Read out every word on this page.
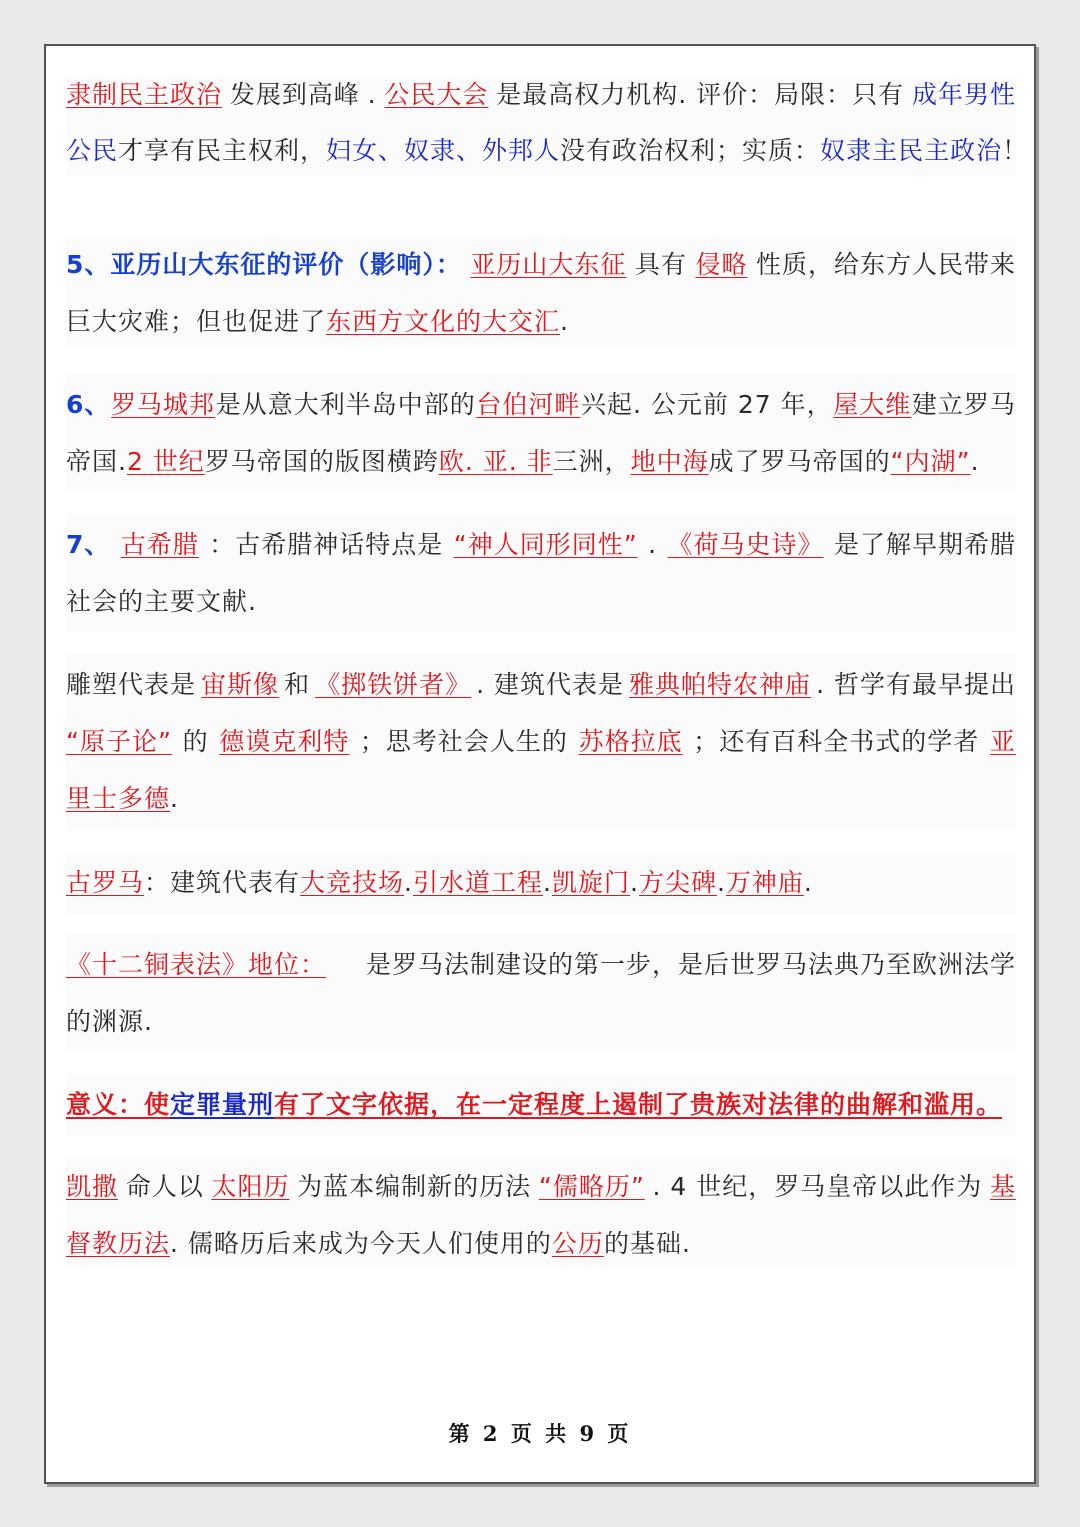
隶制民主政治 发展到高峰 . 公民大会 是最高权力机构. 评价：局限：只有 成年男性
公民才享有民主权利，妇女、奴隶、外邦人没有政治权利；实质：奴隶主民主政治！
5、亚历山大东征的评价（影响）： 亚历山大东征 具有 侵略 性质，给东方人民带来
巨大灾难；但也促进了东西方文化的大交汇.
6、 罗马城邦 是从意大利半岛中部的 台伯河畔 兴起. 公元前 27 年， 屋大维 建立罗马
帝国.2 世纪罗马帝国的版图横跨欧. 亚. 非三洲，地中海成了罗马帝国的“内湖”.
7、 古希腊 ：古希腊神话特点是 “神人同形同性” . 《荷马史诗》 是了解早期希腊
社会的主要文献.
雕塑代表是 宙斯像 和 《掷铁饼者》 . 建筑代表是 雅典帕特农神庙 . 哲学有最早提出
“原子论” 的 德谟克利特 ；思考社会人生的 苏格拉底 ；还有百科全书式的学者 亚
里士多德.
古罗马：建筑代表有大竞技场.引水道工程.凯旋门.方尖碑.万神庙.
《十二铜表法》地位： 是罗马法制建设的第一步，是后世罗马法典乃至欧洲法学
的渊源.
意义：使定罪量刑有了文字依据，在一定程度上遏制了贵族对法律的曲解和滥用。
凯撒 命人以 太阳历 为蓝本编制新的历法 “儒略历” . 4 世纪，罗马皇帝以此作为 基
督教历法. 儒略历后来成为今天人们使用的公历的基础.
第 2 页 共 9 页
